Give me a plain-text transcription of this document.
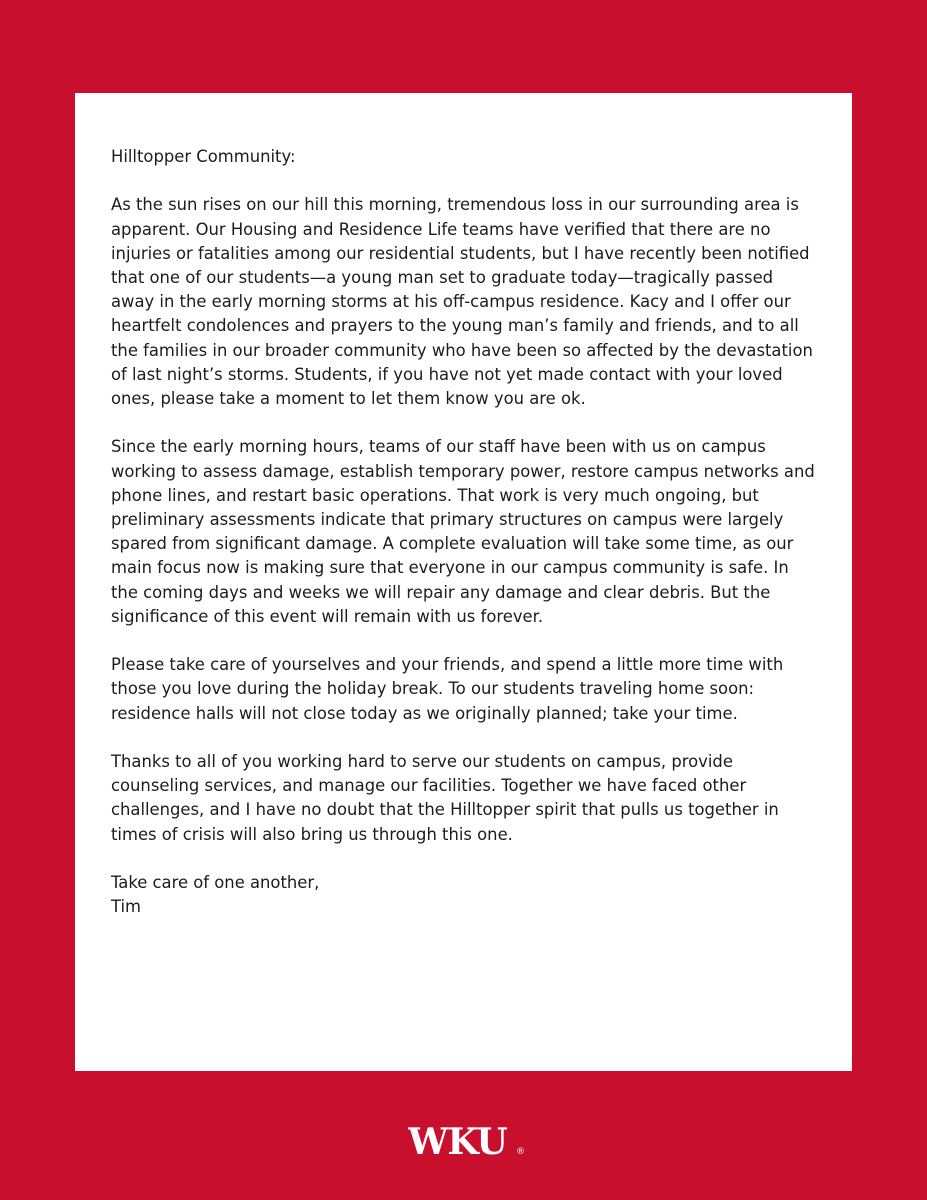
Hilltopper Community:

As the sun rises on our hill this morning, tremendous loss in our surrounding area is apparent. Our Housing and Residence Life teams have verified that there are no injuries or fatalities among our residential students, but I have recently been notified that one of our students—a young man set to graduate today—tragically passed away in the early morning storms at his off-campus residence. Kacy and I offer our heartfelt condolences and prayers to the young man’s family and friends, and to all the families in our broader community who have been so affected by the devastation of last night’s storms. Students, if you have not yet made contact with your loved ones, please take a moment to let them know you are ok.

Since the early morning hours, teams of our staff have been with us on campus working to assess damage, establish temporary power, restore campus networks and phone lines, and restart basic operations. That work is very much ongoing, but preliminary assessments indicate that primary structures on campus were largely spared from significant damage. A complete evaluation will take some time, as our main focus now is making sure that everyone in our campus community is safe. In the coming days and weeks we will repair any damage and clear debris. But the significance of this event will remain with us forever.

Please take care of yourselves and your friends, and spend a little more time with those you love during the holiday break. To our students traveling home soon: residence halls will not close today as we originally planned; take your time.

Thanks to all of you working hard to serve our students on campus, provide counseling services, and manage our facilities. Together we have faced other challenges, and I have no doubt that the Hilltopper spirit that pulls us together in times of crisis will also bring us through this one.

Take care of one another,

Tim

WKU ®
